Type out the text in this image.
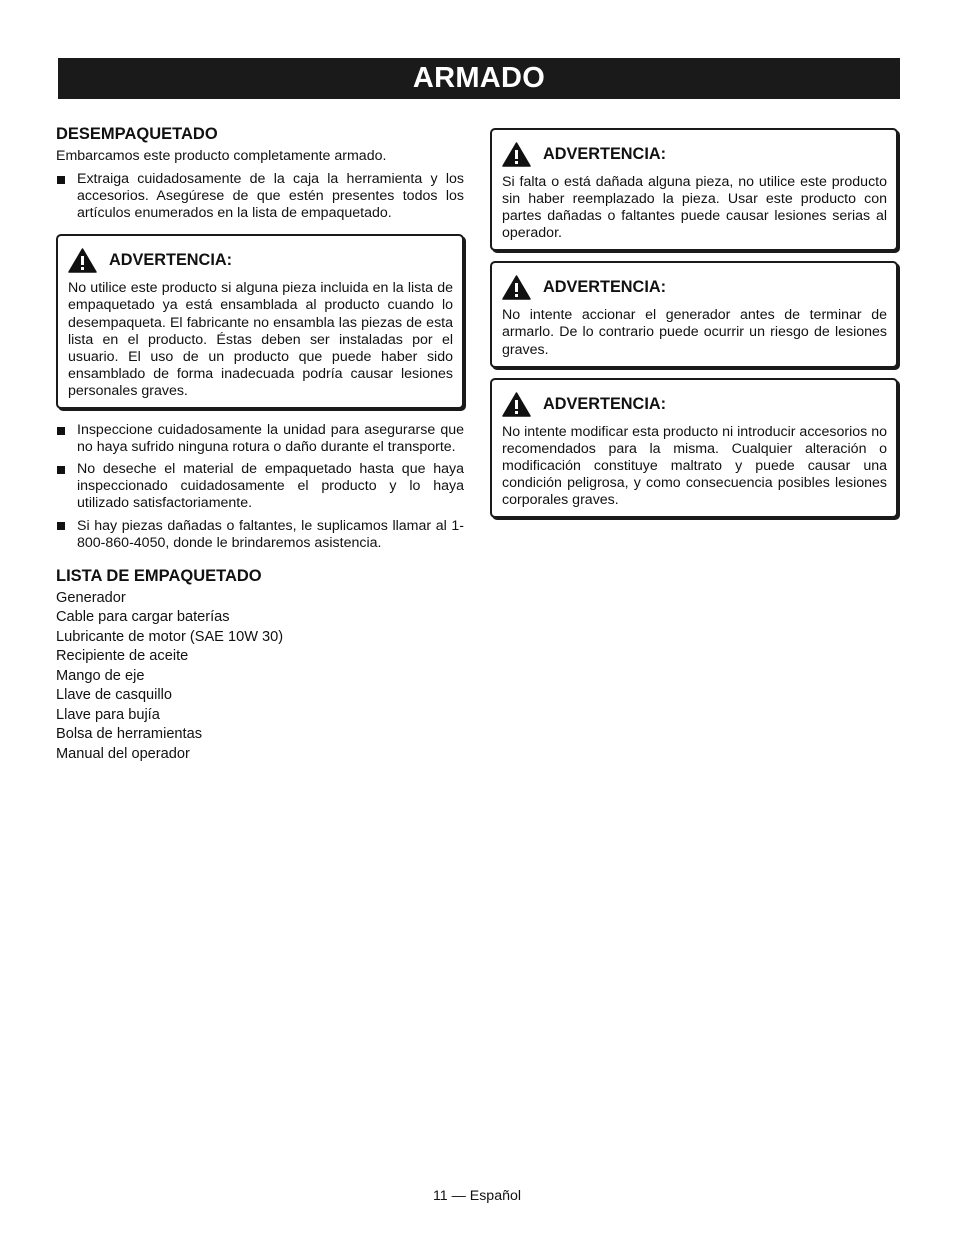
ARMADO
DESEMPAQUETADO
Embarcamos este producto completamente armado.
Extraiga cuidadosamente de la caja la herramienta y los accesorios. Asegúrese de que estén presentes todos los artículos enumerados en la lista de empaquetado.
ADVERTENCIA:
No utilice este producto si alguna pieza incluida en la lista de empaquetado ya está ensamblada al producto cuando lo desempaqueta. El fabricante no ensambla las piezas de esta lista en el producto. Éstas deben ser instaladas por el usuario. El uso de un producto que puede haber sido ensamblado de forma inadecuada podría causar lesiones personales graves.
Inspeccione cuidadosamente la unidad para asegurarse que no haya sufrido ninguna rotura o daño durante el transporte.
No deseche el material de empaquetado hasta que haya inspeccionado cuidadosamente el producto y lo haya utilizado satisfactoriamente.
Si hay piezas dañadas o faltantes, le suplicamos llamar al 1-800-860-4050, donde le brindaremos asistencia.
LISTA DE EMPAQUETADO
Generador
Cable para cargar baterías
Lubricante de motor (SAE 10W 30)
Recipiente de aceite
Mango de eje
Llave de casquillo
Llave para bujía
Bolsa de herramientas
Manual del operador
ADVERTENCIA:
Si falta o está dañada alguna pieza, no utilice este producto sin haber reemplazado la pieza. Usar este producto con partes dañadas o faltantes puede causar lesiones serias al operador.
ADVERTENCIA:
No intente accionar el generador antes de terminar de armarlo. De lo contrario puede ocurrir un riesgo de lesiones graves.
ADVERTENCIA:
No intente modificar esta producto ni introducir accesorios no recomendados para la misma. Cualquier alteración o modificación constituye maltrato y puede causar una condición peligrosa, y como consecuencia posibles lesiones corporales graves.
11 — Español
